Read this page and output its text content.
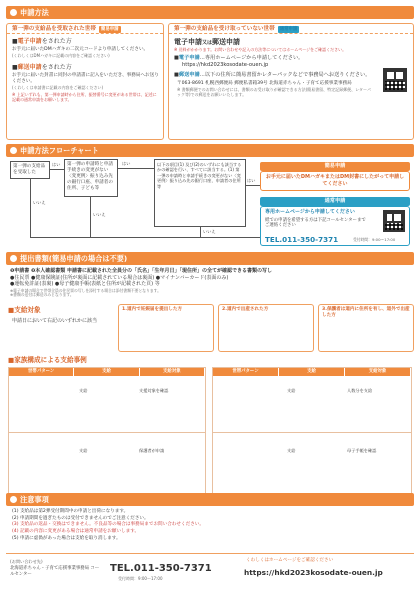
申請方法
第一弾の支給品を受取された世帯 簡易申請
■電子申請をされた方
お手元に届いたDMハガキの二次元コードより申請してください。
(くわしくはDMハガキに記載の内容をご確認ください)
■郵送申請をされた方
お手元に届いた封書に同封の申請書に記入をいただき、事務局へお送りください。
(くわしくは申請書に記載の内容をご確認ください)
※ 上記いずれも、第一弾申請時から住所、振替番号に変更がある世帯は、記述に記載の通常申請をお願いします。
第一弾の支給品を受け取っていない世帯 通常申請
電子申請又は郵送申請
※ 送料がかかります。お問い合わせや記入の方法等についてはホームページをご確認ください。
■電子申請…専用ホームページから申請してください。
https://hkd2023kosodate-ouen.jp
■郵送申請…以下の住所に簡易書留かレターパックなどで事務局へお送りください。
〒063-8691 札幌西郵便局 郵便私書箱39号 北海道赤ちゃん・子育て応援事業事務局
※ 書類郵便でのお問い合わせには、書類のお受け取りが確認できる方法(簡易書留、特定記録郵便、レターパック等)での郵送をお願いいたします。
申請方法フローチャート
第一弾の支給品を受取した
はい
いいえ
第一弾の申請時と申請手続きの変更がない〈変更例〉振り込み先の銀行口座、申請者の住所、子ども等
はい
いいえ
以下の項目(1) 及び(2)のいずれにも該当するかの確認を行い、すべてに該当する。(1) 第一弾の申請時と申請手続きの変更がない〈変更例〉振り込み先の銀行口座、申請者の住所等
はい
いいえ
簡易申請
お手元に届いたDMハガキまたはDM封書にしたがって申請してください
通常申請
専用ホームページから申請してください
紙での申請を希望する方は下記コールセンターまでご連絡ください
TEL.011-350-7371	受付時間：9:00〜17:00
提出書類(簡易申請の場合は不要)
❶申請書 ❷本人確認書類 申請書に記載された全員分の「氏名」「生年月日」「現住所」の全てが確認できる書類の写し
●住民票 ●健康保険証(住所が裏面に記載されている場合は裏面) ●マイナンバーカード(表面のみ)
●運転免許証(表裏) ●母子健康手帳(表紙と住所が記載された頁) 等
※電子申請の場合で世帯全員の住民票の写しを添付する場合は添付書類不要となります。
※書類の送付は郵送のみとなります。
■支給対象
申請日において右記のいずれかに該当
1.道内で妊娠届を提出した方	2.道内で出産された方	3.保護者は道内に住所を有し、道外で出産した方
■家族構成による支給事例
世帯パターン	支給	支給対象
支給	支援対象を確認
支給	保護者が申請
世帯パターン	支給	支給対象
支給	人数分を支給
支給	母子手帳を確認
注意事項
(1) 支給品は第2弾受付期間中の申請と出荷になります。
(2) 申請期間を過ぎたものは受付できませんのでご注意ください。
(3) 支給品の返品・交換はできません。不良品等の場合は事務局までお問い合わせください。
(4) 記載の内容に変更がある場合は通常申請をお願いします。
(5) 申請に虚偽があった場合は支給を取り消します。
(お問い合わせ先)
北海道赤ちゃん・子育て応援事業事務局 コールセンター
TEL.011-350-7371
受付時間：9:00〜17:00
くわしくはホームページをご確認ください
https://hkd2023kosodate-ouen.jp
